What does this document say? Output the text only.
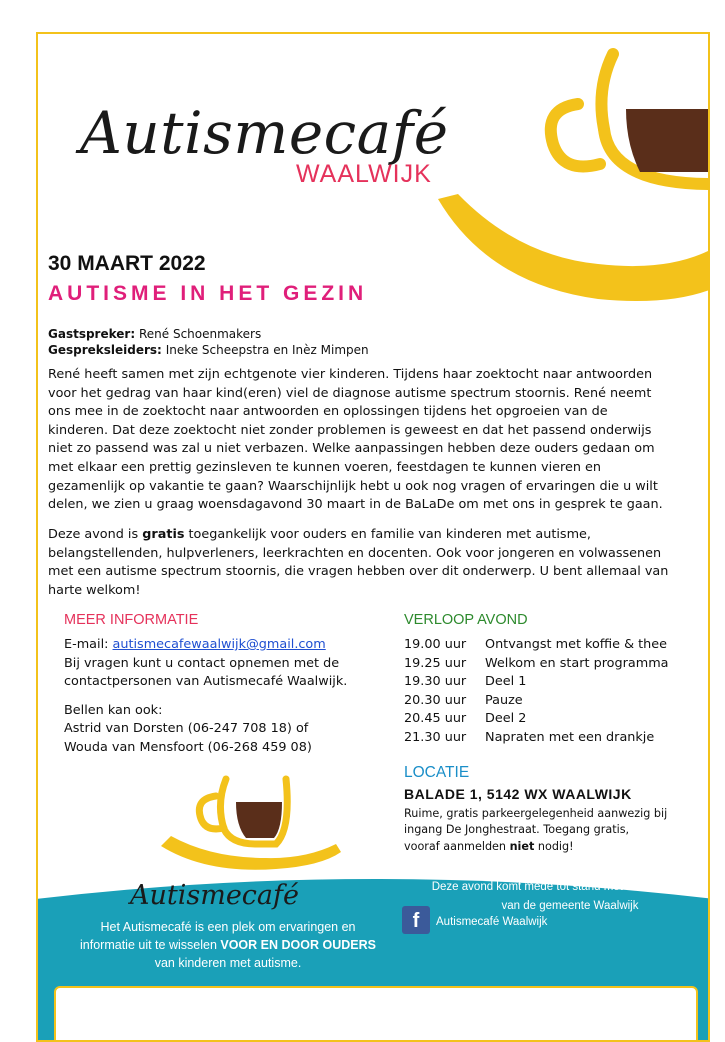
Autismecafé
WAALWIJK
30 MAART 2022
AUTISME IN HET GEZIN
Gastspreker: René Schoenmakers
Gespreksleiders: Ineke Scheepstra en Inèz Mimpen
René heeft samen met zijn echtgenote vier kinderen. Tijdens haar zoektocht naar antwoorden
voor het gedrag van haar kind(eren) viel de diagnose autisme spectrum stoornis. René neemt
ons mee in de zoektocht naar antwoorden en oplossingen tijdens het opgroeien van de
kinderen. Dat deze zoektocht niet zonder problemen is geweest en dat het passend onderwijs
niet zo passend was zal u niet verbazen. Welke aanpassingen hebben deze ouders gedaan om
met elkaar een prettig gezinsleven te kunnen voeren, feestdagen te kunnen vieren en
gezamenlijk op vakantie te gaan? Waarschijnlijk hebt u ook nog vragen of ervaringen die u wilt
delen, we zien u graag woensdagavond 30 maart in de BaLaDe om met ons in gesprek te gaan.
Deze avond is gratis toegankelijk voor ouders en familie van kinderen met autisme,
belangstellenden, hulpverleners, leerkrachten en docenten. Ook voor jongeren en volwassenen
met een autisme spectrum stoornis, die vragen hebben over dit onderwerp. U bent allemaal van
harte welkom!
MEER INFORMATIE
E-mail: autismecafewaalwijk@gmail.com
Bij vragen kunt u contact opnemen met de
contactpersonen van Autismecafé Waalwijk.
Bellen kan ook:
Astrid van Dorsten (06-247 708 18) of
Wouda van Mensfoort (06-268 459 08)
VERLOOP AVOND
19.00 uur	Ontvangst met koffie & thee
19.25 uur	Welkom en start programma
19.30 uur	Deel 1
20.30 uur	Pauze
20.45 uur	Deel 2
21.30 uur	Napraten met een drankje
LOCATIE
BALADE 1, 5142 WX WAALWIJK
Ruime, gratis parkeergelegenheid aanwezig bij
ingang De Jonghestraat. Toegang gratis,
vooraf aanmelden niet nodig!
Autismecafé
Het Autismecafé is een plek om ervaringen en
informatie uit te wisselen VOOR EN DOOR OUDERS
van kinderen met autisme.
Deze avond komt mede tot stand met subsidie
van de gemeente Waalwijk
f	Autismecafé Waalwijk
